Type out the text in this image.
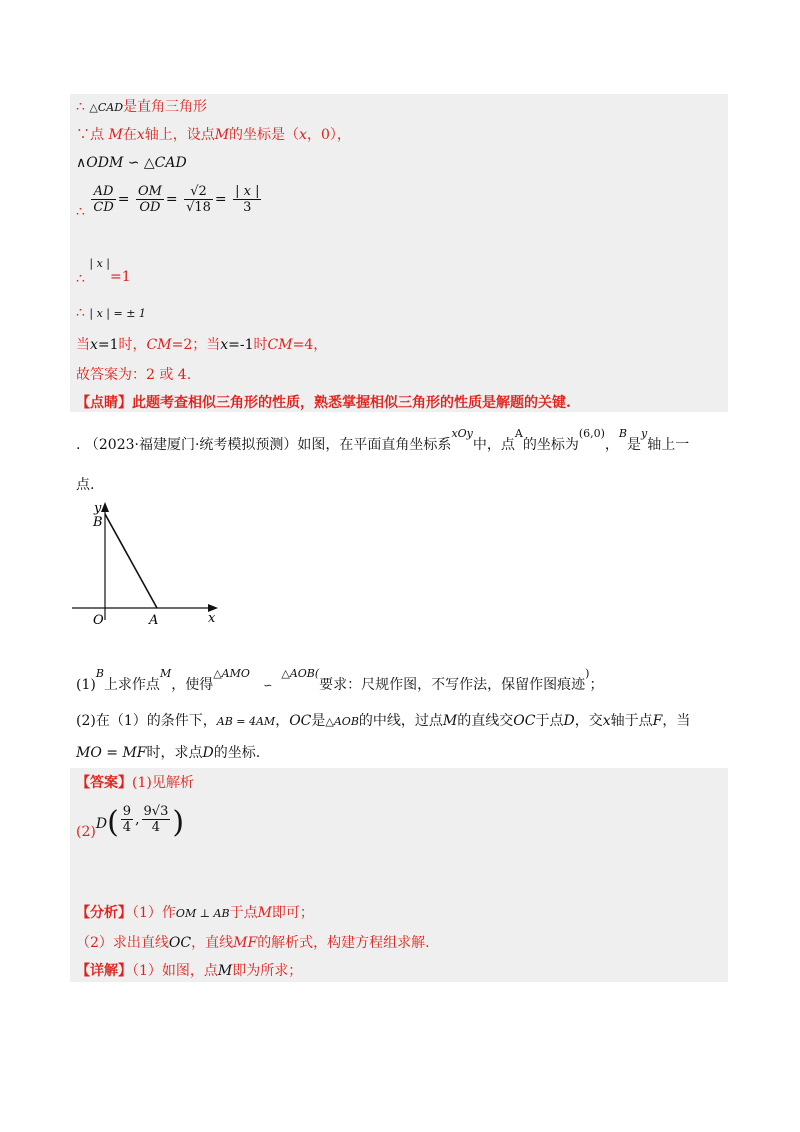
∴ △CAD是直角三角形
∵点 M在x轴上，设点M的坐标是（x，0），
∧ODM ∽ △CAD
∴ $\frac{AD}{CD} = \frac{OM}{OD} = \frac{√2}{√18} = \frac{| x |}{3}$
∴ $^{| x |}$=1
∴ | x | = ± 1
当x=1时，CM=2；当x=-1时CM=4，
故答案为：2 或 4.
【点睛】此题考查相似三角形的性质，熟悉掌握相似三角形的性质是解题的关键.
. （2023·福建厦门·统考模拟预测）如图，在平面直角坐标系$^{xOy}$中，点$^A$的坐标为$^{(6,0)}$，$^B$是$^y$轴上一
点.
y
B
O	A	x
$(1)^B$上求作点$^M$，使得$^{\triangle AMO}$   ∽  $^{\triangle AOB(}$要求：尺规作图，不写作法，保留作图痕迹)；
(2)在（1）的条件下，AB = 4AM，OC是△AOB的中线，过点M的直线交OC于点D，交x轴于点F，当
MO = MF时，求点D的坐标.
【答案】(1)见解析
$(2)D( \frac{9}{4}$ , $\frac{9√3}{4}$ )
【分析】（1）作OM ⊥ AB于点M即可；
（2）求出直线OC，直线MF的解析式，构建方程组求解.
【详解】（1）如图，点M即为所求；
